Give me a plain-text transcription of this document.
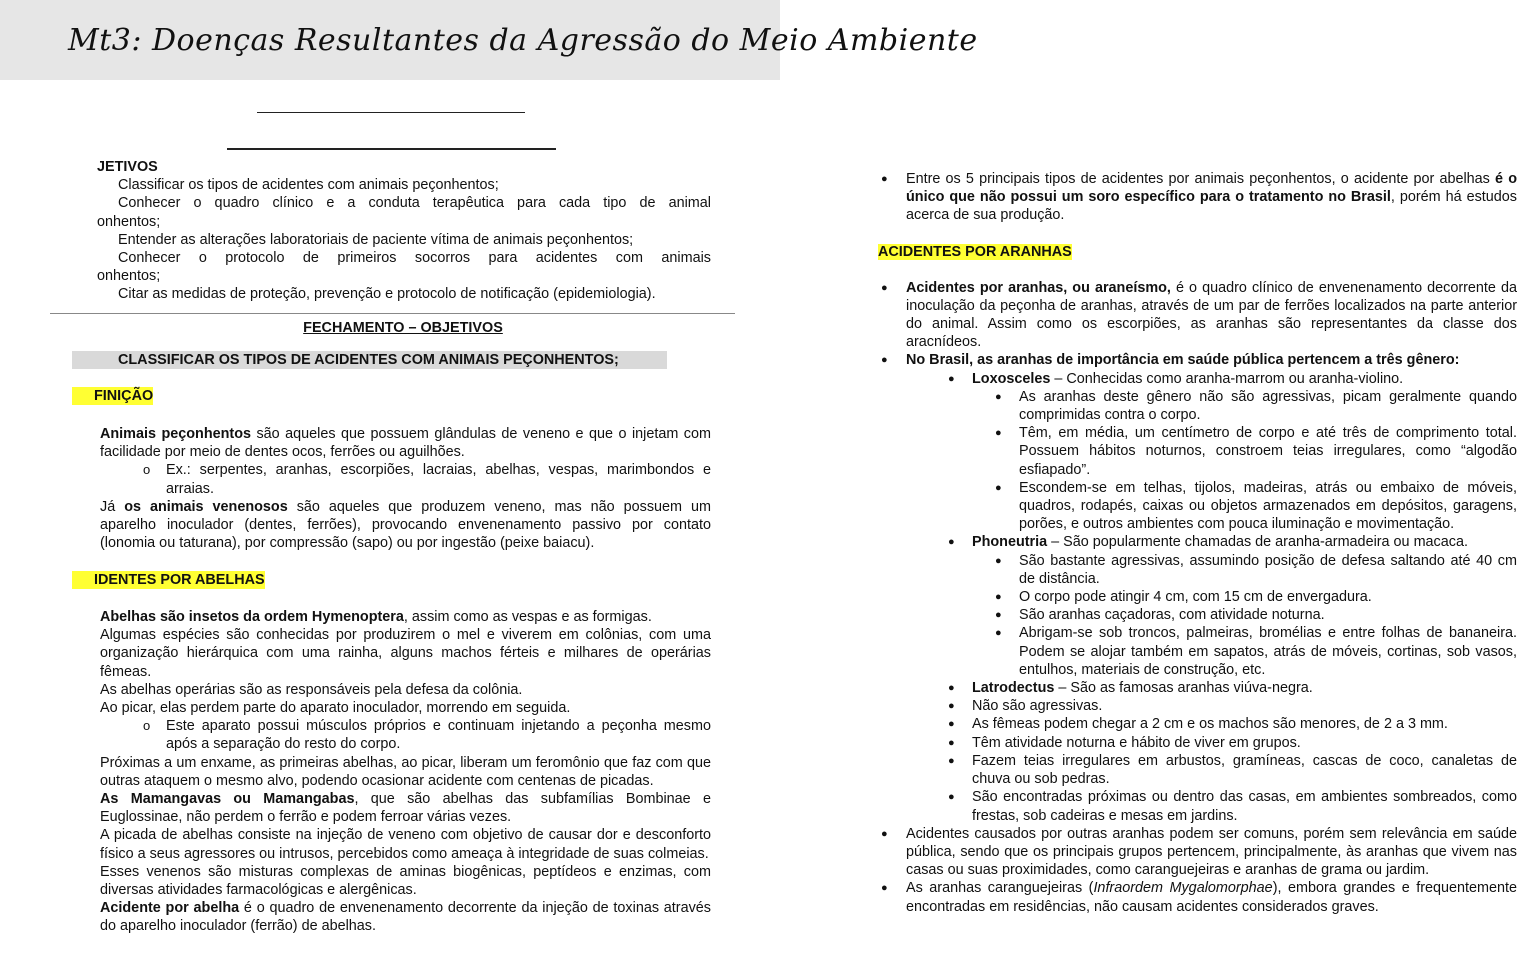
Mt3: Doenças Resultantes da Agressão do Meio Ambiente
JETIVOS
Classificar os tipos de acidentes com animais peçonhentos;
Conhecer o quadro clínico e a conduta terapêutica para cada tipo de animal
onhentos;
Entender as alterações laboratoriais de paciente vítima de animais peçonhentos;
Conhecer o protocolo de primeiros socorros para acidentes com animais
onhentos;
Citar as medidas de proteção, prevenção e protocolo de notificação (epidemiologia).
FECHAMENTO – OBJETIVOS
CLASSIFICAR OS TIPOS DE ACIDENTES COM ANIMAIS PEÇONHENTOS;
FINIÇÃO
Animais peçonhentos são aqueles que possuem glândulas de veneno e que o injetam com facilidade por meio de dentes ocos, ferrões ou aguilhões.
o Ex.: serpentes, aranhas, escorpiões, lacraias, abelhas, vespas, marimbondos e arraias.
Já os animais venenosos são aqueles que produzem veneno, mas não possuem um aparelho inoculador (dentes, ferrões), provocando envenenamento passivo por contato (lonomia ou taturana), por compressão (sapo) ou por ingestão (peixe baiacu).
IDENTES POR ABELHAS
Abelhas são insetos da ordem Hymenoptera, assim como as vespas e as formigas.
Algumas espécies são conhecidas por produzirem o mel e viverem em colônias, com uma organização hierárquica com uma rainha, alguns machos férteis e milhares de operárias fêmeas.
As abelhas operárias são as responsáveis pela defesa da colônia.
Ao picar, elas perdem parte do aparato inoculador, morrendo em seguida.
o Este aparato possui músculos próprios e continuam injetando a peçonha mesmo após a separação do resto do corpo.
Próximas a um enxame, as primeiras abelhas, ao picar, liberam um feromônio que faz com que outras ataquem o mesmo alvo, podendo ocasionar acidente com centenas de picadas.
As Mamangavas ou Mamangabas, que são abelhas das subfamílias Bombinae e Euglossinae, não perdem o ferrão e podem ferroar várias vezes.
A picada de abelhas consiste na injeção de veneno com objetivo de causar dor e desconforto físico a seus agressores ou intrusos, percebidos como ameaça à integridade de suas colmeias.
Esses venenos são misturas complexas de aminas biogênicas, peptídeos e enzimas, com diversas atividades farmacológicas e alergênicas.
Acidente por abelha é o quadro de envenenamento decorrente da injeção de toxinas através do aparelho inoculador (ferrão) de abelhas.
● Entre os 5 principais tipos de acidentes por animais peçonhentos, o acidente por abelhas é o único que não possui um soro específico para o tratamento no Brasil, porém há estudos acerca de sua produção.
ACIDENTES POR ARANHAS
● Acidentes por aranhas, ou araneísmo, é o quadro clínico de envenenamento decorrente da inoculação da peçonha de aranhas, através de um par de ferrões localizados na parte anterior do animal. Assim como os escorpiões, as aranhas são representantes da classe dos aracnídeos.
● No Brasil, as aranhas de importância em saúde pública pertencem a três gênero:
● Loxosceles – Conhecidas como aranha-marrom ou aranha-violino.
● As aranhas deste gênero não são agressivas, picam geralmente quando comprimidas contra o corpo.
● Têm, em média, um centímetro de corpo e até três de comprimento total. Possuem hábitos noturnos, constroem teias irregulares, como “algodão esfiapado”.
● Escondem-se em telhas, tijolos, madeiras, atrás ou embaixo de móveis, quadros, rodapés, caixas ou objetos armazenados em depósitos, garagens, porões, e outros ambientes com pouca iluminação e movimentação.
● Phoneutria – São popularmente chamadas de aranha-armadeira ou macaca.
● São bastante agressivas, assumindo posição de defesa saltando até 40 cm de distância.
● O corpo pode atingir 4 cm, com 15 cm de envergadura.
● São aranhas caçadoras, com atividade noturna.
● Abrigam-se sob troncos, palmeiras, bromélias e entre folhas de bananeira. Podem se alojar também em sapatos, atrás de móveis, cortinas, sob vasos, entulhos, materiais de construção, etc.
● Latrodectus – São as famosas aranhas viúva-negra.
● Não são agressivas.
● As fêmeas podem chegar a 2 cm e os machos são menores, de 2 a 3 mm.
● Têm atividade noturna e hábito de viver em grupos.
● Fazem teias irregulares em arbustos, gramíneas, cascas de coco, canaletas de chuva ou sob pedras.
● São encontradas próximas ou dentro das casas, em ambientes sombreados, como frestas, sob cadeiras e mesas em jardins.
● Acidentes causados por outras aranhas podem ser comuns, porém sem relevância em saúde pública, sendo que os principais grupos pertencem, principalmente, às aranhas que vivem nas casas ou suas proximidades, como caranguejeiras e aranhas de grama ou jardim.
● As aranhas caranguejeiras (Infraordem Mygalomorphae), embora grandes e frequentemente encontradas em residências, não causam acidentes considerados graves.
